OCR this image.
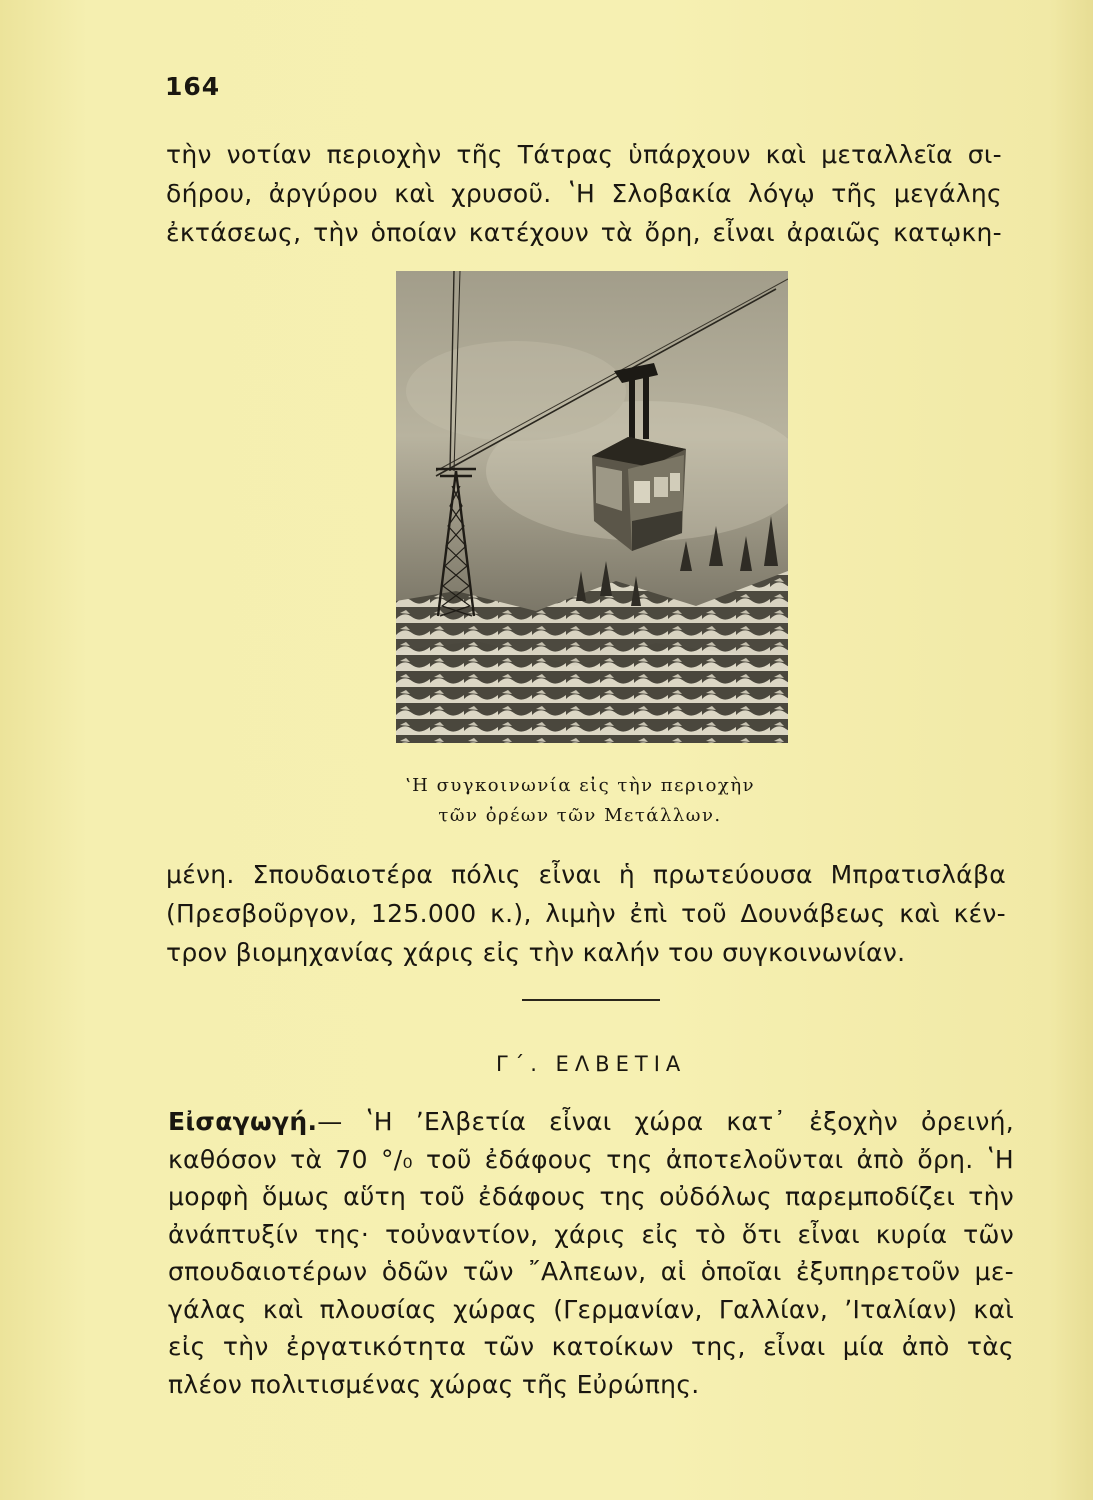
164
τὴν νοτίαν περιοχὴν τῆς Τάτρας ὑπάρχουν καὶ μεταλλεῖα σι-
δήρου, ἀργύρου καὶ χρυσοῦ. ʽΗ Σλοβακία λόγῳ τῆς μεγάλης
ἐκτάσεως, τὴν ὁποίαν κατέχουν τὰ ὄρη, εἶναι ἀραιῶς κατῳκη-
ʽΗ συγκοινωνία εἰς τὴν περιοχὴν
τῶν ὀρέων τῶν Μετάλλων.
μένη. Σπουδαιοτέρα πόλις εἶναι ἡ πρωτεύουσα Μπρατισλάβα
(Πρεσβοῦργον, 125.000 κ.), λιμὴν ἐπὶ τοῦ Δουνάβεως καὶ κέν-
τρον βιομηχανίας χάρις εἰς τὴν καλήν του συγκοινωνίαν.
Γ΄. ΕΛΒΕΤΙΑ
Εἰσαγωγή.— ʽΗ ʼΕλβετία εἶναι χώρα κατ᾽ ἐξοχὴν ὀρεινή,
καθόσον τὰ 70 °/₀ τοῦ ἐδάφους της ἀποτελοῦνται ἀπὸ ὄρη. ʽΗ
μορφὴ ὅμως αὕτη τοῦ ἐδάφους της οὐδόλως παρεμποδίζει τὴν
ἀνάπτυξίν της· τοὐναντίον, χάρις εἰς τὸ ὅτι εἶναι κυρία τῶν
σπουδαιοτέρων ὁδῶν τῶν ῎Αλπεων, αἱ ὁποῖαι ἐξυπηρετοῦν με-
γάλας καὶ πλουσίας χώρας (Γερμανίαν, Γαλλίαν, ʼΙταλίαν) καὶ
εἰς τὴν ἐργατικότητα τῶν κατοίκων της, εἶναι μία ἀπὸ τὰς
πλέον πολιτισμένας χώρας τῆς Εὐρώπης.
